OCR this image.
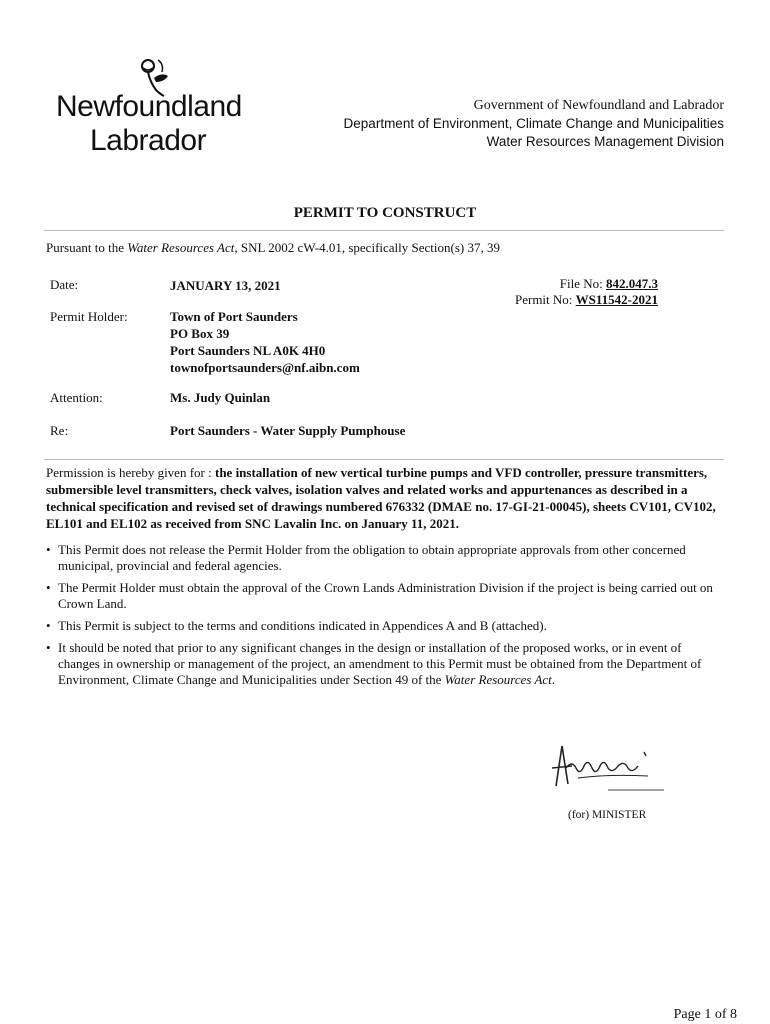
Newfoundland
Labrador
Government of Newfoundland and Labrador
Department of Environment, Climate Change and Municipalities
Water Resources Management Division
PERMIT TO CONSTRUCT
Pursuant to the Water Resources Act, SNL 2002 cW-4.01, specifically Section(s) 37, 39
Date:	JANUARY 13, 2021	File No: 842.047.3
Permit No: WS11542-2021
Permit Holder:	Town of Port Saunders
PO Box 39
Port Saunders NL A0K 4H0
townofportsaunders@nf.aibn.com
Attention:	Ms. Judy Quinlan
Re:	Port Saunders - Water Supply Pumphouse
Permission is hereby given for : the installation of new vertical turbine pumps and VFD controller, pressure transmitters, submersible level transmitters, check valves, isolation valves and related works and appurtenances as described in a technical specification and revised set of drawings numbered 676332 (DMAE no. 17-GI-21-00045), sheets CV101, CV102, EL101 and EL102 as received from SNC Lavalin Inc. on January 11, 2021.
• This Permit does not release the Permit Holder from the obligation to obtain appropriate approvals from other concerned municipal, provincial and federal agencies.
• The Permit Holder must obtain the approval of the Crown Lands Administration Division if the project is being carried out on Crown Land.
• This Permit is subject to the terms and conditions indicated in Appendices A and B (attached).
• It should be noted that prior to any significant changes in the design or installation of the proposed works, or in event of changes in ownership or management of the project, an amendment to this Permit must be obtained from the Department of Environment, Climate Change and Municipalities under Section 49 of the Water Resources Act.
(for) MINISTER
Page 1 of 8
